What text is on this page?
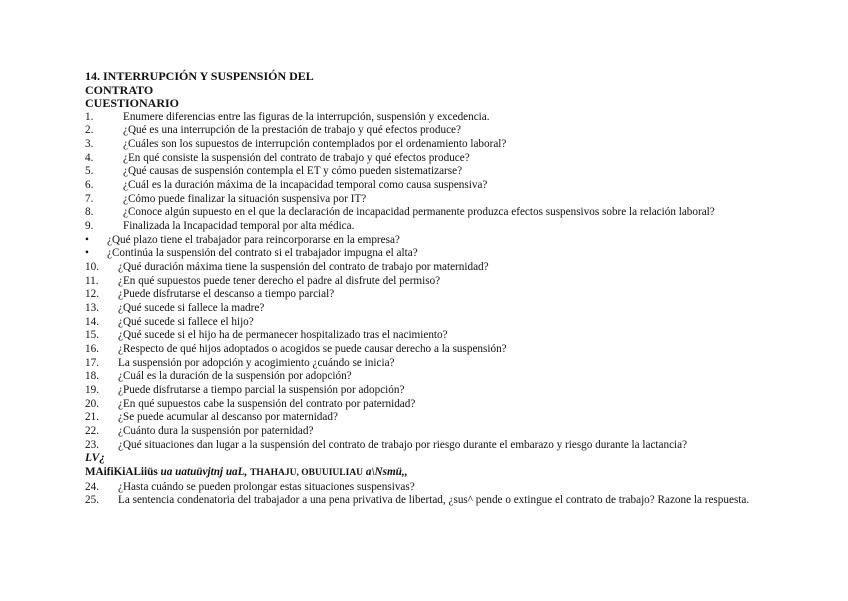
14. INTERRUPCIÓN Y SUSPENSIÓN DEL
CONTRATO
CUESTIONARIO
1.	Enumere diferencias entre las figuras de la interrupción, suspensión y excedencia.
2.	¿Qué es una interrupción de la prestación de trabajo y qué efectos produce?
3.	¿Cuáles son los supuestos de interrupción contemplados por el ordenamiento laboral?
4.	¿En qué consiste la suspensión del contrato de trabajo y qué efectos produce?
5.	¿Qué causas de suspensión contempla el ET y cómo pueden sistematizarse?
6.	¿Cuál es la duración máxima de la incapacidad temporal como causa suspensiva?
7.	¿Cómo puede finalizar la situación suspensiva por IT?
8.	¿Conoce algún supuesto en el que la declaración de incapacidad permanente produzca efectos suspensivos sobre la relación laboral?
9.	Finalizada la Incapacidad temporal por alta médica.
• ¿Qué plazo tiene el trabajador para reincorporarse en la empresa?
• ¿Continúa la suspensión del contrato si el trabajador impugna el alta?
10. ¿Qué duración máxima tiene la suspensión del contrato de trabajo por maternidad?
11. ¿En qué supuestos puede tener derecho el padre al disfrute del permiso?
12. ¿Puede disfrutarse el descanso a tiempo parcial?
13. ¿Qué sucede si fallece la madre?
14. ¿Qué sucede si fallece el hijo?
15. ¿Qué sucede si el hijo ha de permanecer hospitalizado tras el nacimiento?
16. ¿Respecto de qué hijos adoptados o acogidos se puede causar derecho a la suspensión?
17. La suspensión por adopción y acogimiento ¿cuándo se inicia?
18. ¿Cuál es la duración de la suspensión por adopción?
19. ¿Puede disfrutarse a tiempo parcial la suspensión por adopción?
20. ¿En qué supuestos cabe la suspensión del contrato por paternidad?
21. ¿Se puede acumular al descanso por maternidad?
22. ¿Cuánto dura la suspensión por paternidad?
23. ¿Qué situaciones dan lugar a la suspensión del contrato de trabajo por riesgo durante el embarazo y riesgo durante la lactancia?
LV¿
MAifiKiALiiüs ua uatuüvjtnj uaL, THAHAJU, OBUUIULIAU a\Nsmü,,
24. ¿Hasta cuándo se pueden prolongar estas situaciones suspensivas?
25. La sentencia condenatoria del trabajador a una pena privativa de libertad, ¿sus^ pende o extingue el contrato de trabajo? Razone la respuesta.
